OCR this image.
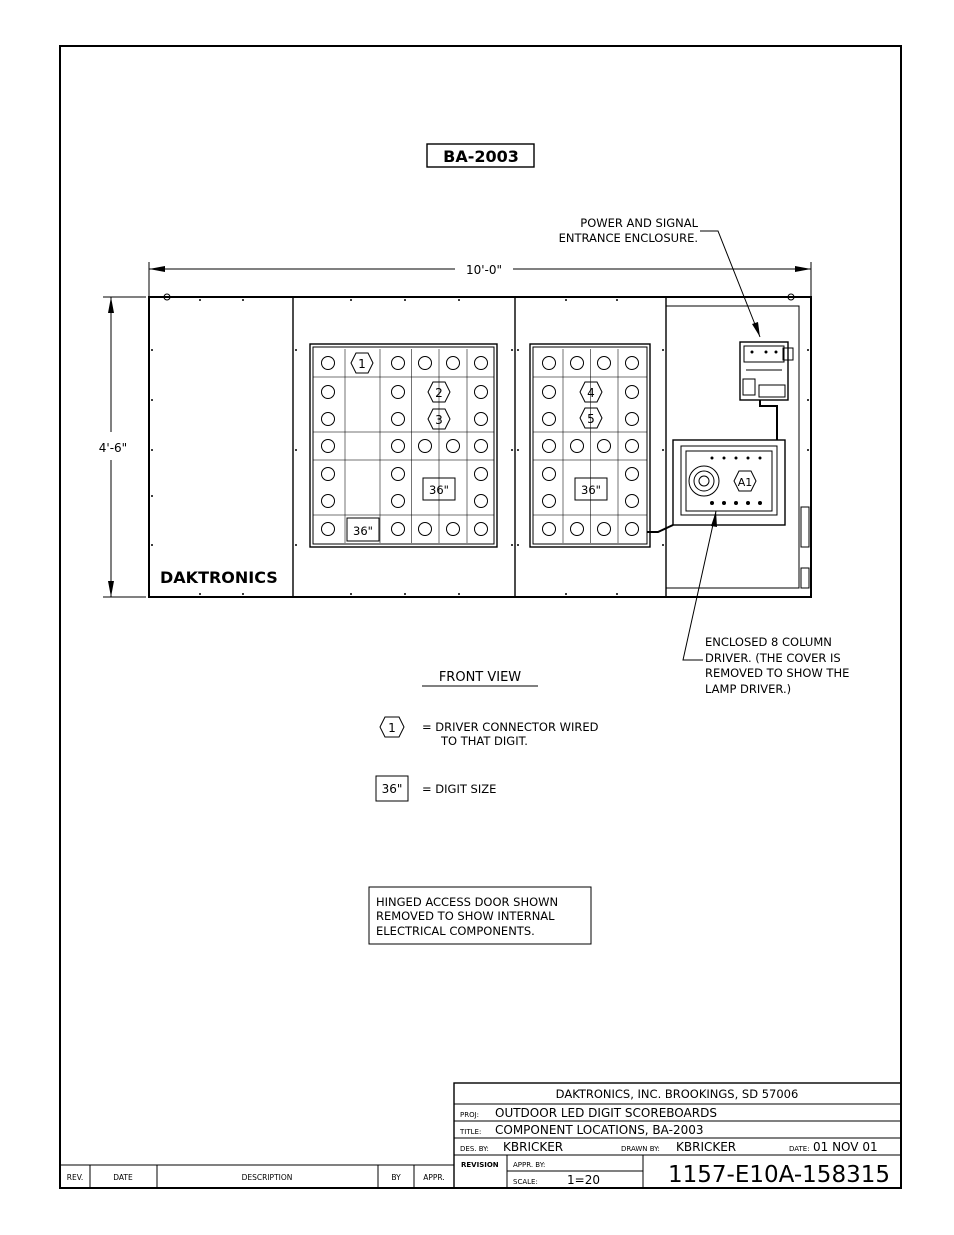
BA-2003
POWER AND SIGNAL
ENTRANCE ENCLOSURE.
10'-0"
4'-6"
DAKTRONICS
1
2
3
4
5
36"
36"
36"
A1
ENCLOSED 8 COLUMN
DRIVER. (THE COVER IS
REMOVED TO SHOW THE
LAMP DRIVER.)
FRONT VIEW
1 = DRIVER CONNECTOR WIRED
TO THAT DIGIT.
36" = DIGIT SIZE
HINGED ACCESS DOOR SHOWN
REMOVED TO SHOW INTERNAL
ELECTRICAL COMPONENTS.
DAKTRONICS, INC. BROOKINGS, SD 57006
PROJ: OUTDOOR LED DIGIT SCOREBOARDS
TITLE: COMPONENT LOCATIONS, BA-2003
DES. BY: KBRICKER	DRAWN BY: KBRICKER	DATE: 01 NOV 01
REVISION APPR. BY:
SCALE: 1=20	1157-E10A-158315
REV.	DATE	DESCRIPTION	BY	APPR.
